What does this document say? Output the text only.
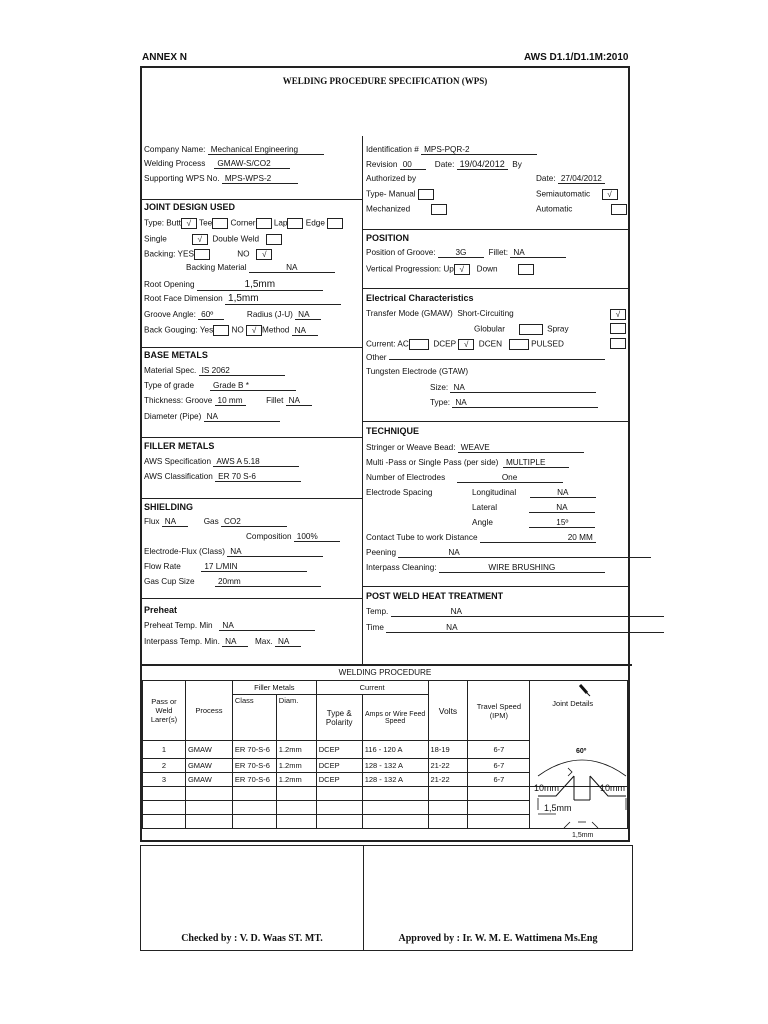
ANNEX N	AWS D1.1/D1.1M:2010
WELDING PROCEDURE SPECIFICATION (WPS)
Company Name: Mechanical Engineering
Welding Process GMAW-S/CO2
Supporting WPS No. MPS-WPS-2
JOINT DESIGN USED
Type: Butt √ Tee Corner Lap Edge
Single	√ Double Weld
Backing: YES	NO √
Backing Material	NA
Root Opening	1,5mm
Root Face Dimension 1,5mm
Groove Angle: 60º	Radius (J-U) NA
Back Gouging: Yes NO √ Method NA
BASE METALS
Material Spec. IS 2062
Type of grade Grade B *
Thickness: Groove 10 mm	Fillet NA
Diameter (Pipe) NA
FILLER METALS
AWS Specification AWS A 5.18
AWS Classification ER 70 S-6
SHIELDING
Flux NA	Gas CO2
Composition 100%
Electrode-Flux (Class) NA
Flow Rate	17 L/MIN
Gas Cup Size	20mm
Preheat
Preheat Temp. Min NA
Interpass Temp. Min. NA Max. NA
Identification # MPS-PQR-2
Revision 00	Date: 19/04/2012 By
Authorized by	Date: 27/04/2012
Type- Manual	Semiautomatic √
Mechanized	Automatic
POSITION
Position of Groove: 3G	Fillet: NA
Vertical Progression: Up √ Down
Electrical Characteristics
Transfer Mode (GMAW) Short-Circuiting	√
Globular	Spray
Current: AC	DCEP √ DCEN	PULSED
Other
Tungsten Electrode (GTAW)
Size: NA
Type: NA
TECHNIQUE
Stringer or Weave Bead: WEAVE
Multi -Pass or Single Pass (per side) MULTIPLE
Number of Electrodes	One
Electrode Spacing	Longitudinal	NA
Lateral	NA
Angle	15º
Contact Tube to work Distance	20 MM
Peening	NA
Interpass Cleaning:	WIRE BRUSHING
POST WELD HEAT TREATMENT
Temp.	NA
Time	NA
WELDING PROCEDURE
Pass or Weld Larer(s)	Process	Filler Metals		Current		Volts	Travel Speed (IPM)	Joint Details

		Class	Diam.	Type & Polarity	Amps or Wire Feed Speed			
1	GMAW	ER 70-S-6	1.2mm	DCEP	116 - 120 A	18-19	6-7	
2	GMAW	ER 70-S-6	1.2mm	DCEP	128 - 132 A	21-22	6-7	
3	GMAW	ER 70-S-6	1.2mm	DCEP	128 - 132 A	21-22	6-7	

60º
10mm	10mm
1,5mm
1,5mm
Checked by : V. D. Waas ST. MT.	Approved by : Ir. W. M. E. Wattimena Ms.Eng
